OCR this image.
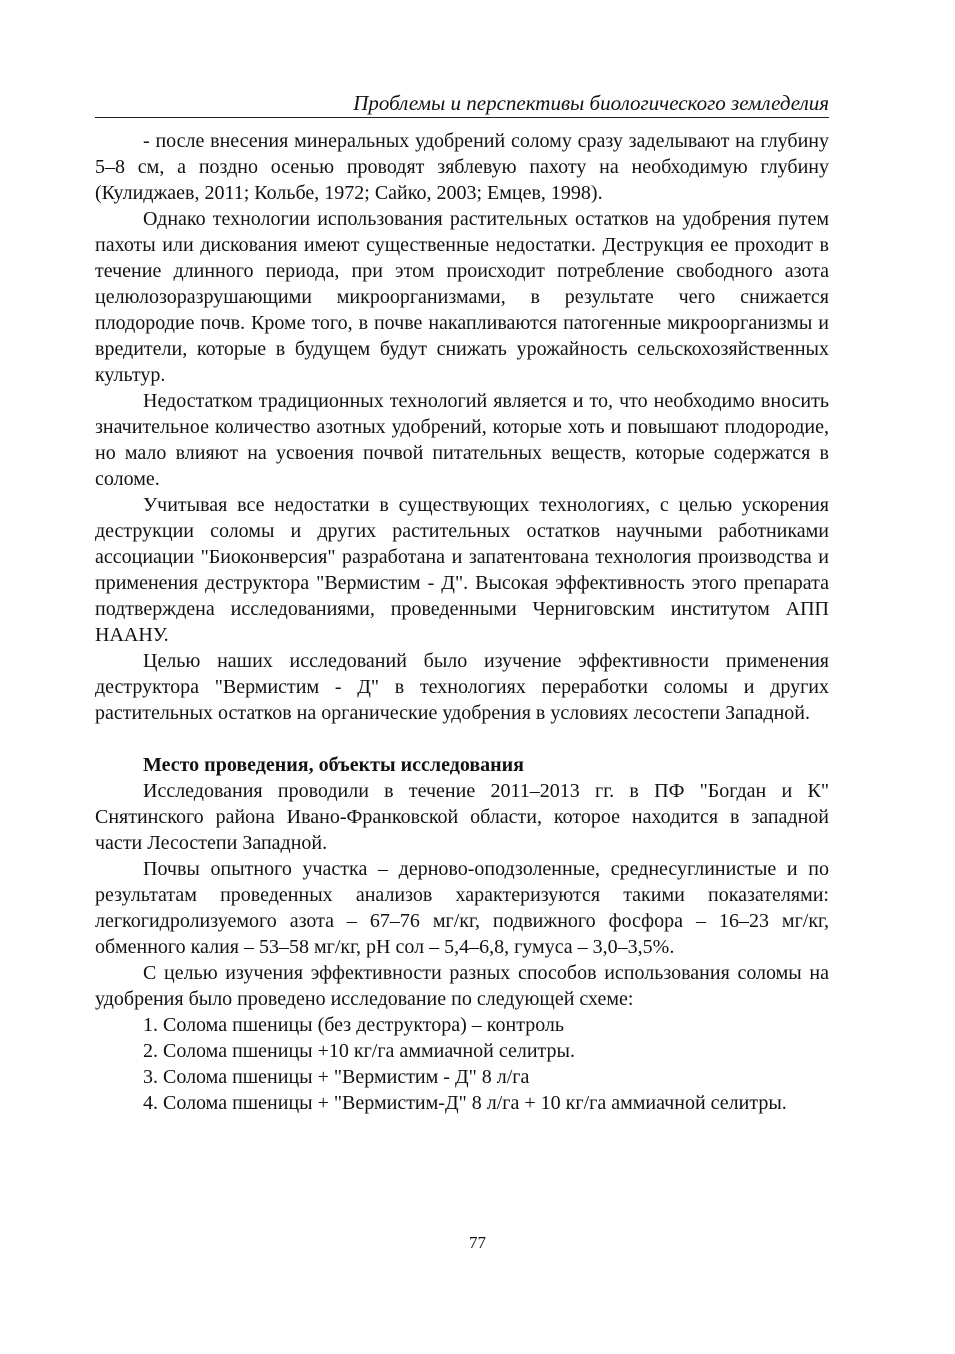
Проблемы и перспективы биологического земледелия

- после внесения минеральных удобрений солому сразу заделывают на глубину 5–8 см, а поздно осенью проводят зяблевую пахоту на необходимую глубину (Кулиджаев, 2011; Кольбе, 1972; Сайко, 2003; Емцев, 1998).

Однако технологии использования растительных остатков на удобрения путем пахоты или дискования имеют существенные недостатки. Деструкция ее проходит в течение длинного периода, при этом происходит потребление свободного азота целюлозоразрушающими микроорганизмами, в результате чего снижается плодородие почв. Кроме того, в почве накапливаются патогенные микроорганизмы и вредители, которые в будущем будут снижать урожайность сельскохозяйственных культур.

Недостатком традиционных технологий является и то, что необходимо вносить значительное количество азотных удобрений, которые хоть и повышают плодородие, но мало влияют на усвоения почвой питательных веществ, которые содержатся в соломе.

Учитывая все недостатки в существующих технологиях, с целью ускорения деструкции соломы и других растительных остатков научными работниками ассоциации "Биоконверсия" разработана и запатентована технология производства и применения деструктора "Вермистим - Д". Высокая эффективность этого препарата подтверждена исследованиями, проведенными Черниговским институтом АПП НААНУ.

Целью наших исследований было изучение эффективности применения деструктора "Вермистим - Д" в технологиях переработки соломы и других растительных остатков на органические удобрения в условиях лесостепи Западной.

Место проведения, объекты исследования

Исследования проводили в течение 2011–2013 гг. в ПФ "Богдан и К" Снятинского района Ивано-Франковской области, которое находится в западной части Лесостепи Западной.

Почвы опытного участка – дерново-оподзоленные, среднесуглинистые и по результатам проведенных анализов характеризуются такими показателями: легкогидролизуемого азота – 67–76 мг/кг, подвижного фосфора – 16–23 мг/кг, обменного калия – 53–58 мг/кг, рН сол – 5,4–6,8, гумуса – 3,0–3,5%.

С целью изучения эффективности разных способов использования соломы на удобрения было проведено исследование по следующей схеме:

1. Солома пшеницы (без деструктора) – контроль

2. Солома пшеницы +10 кг/га аммиачной селитры.

3. Солома пшеницы + "Вермистим - Д" 8 л/га

4. Солома пшеницы + "Вермистим-Д" 8 л/га + 10 кг/га аммиачной селитры.

77
